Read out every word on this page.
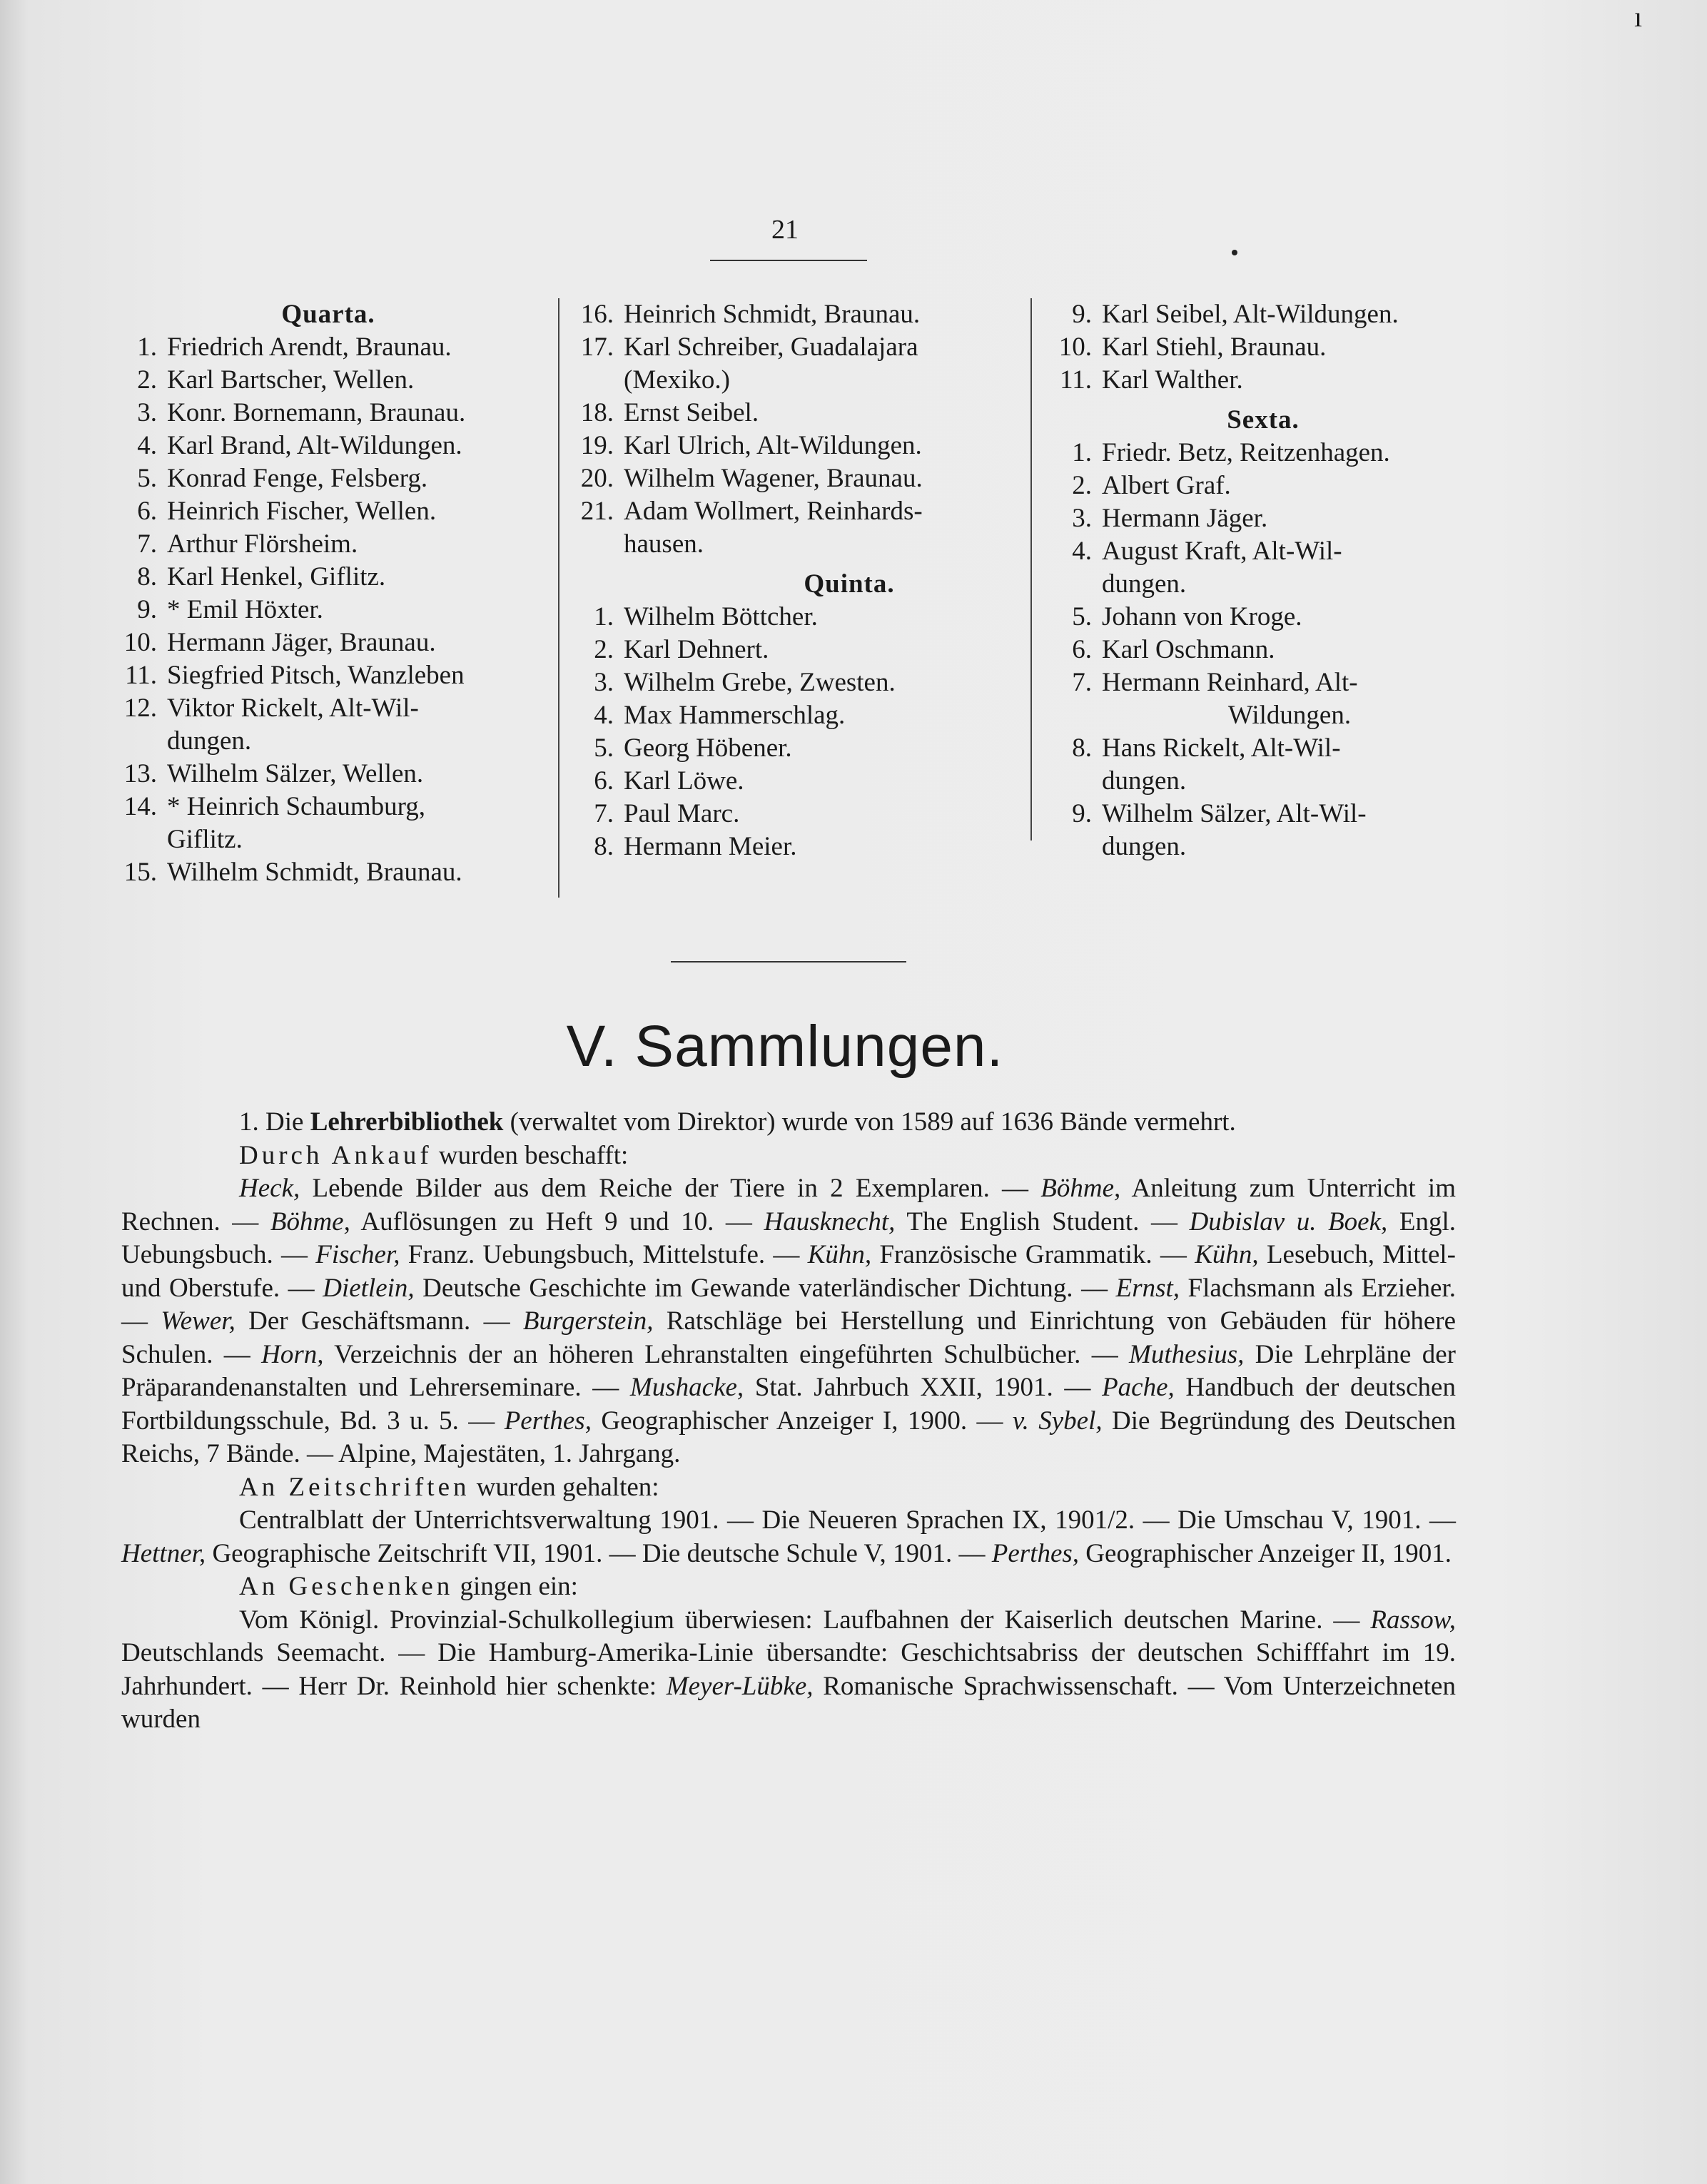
ı
21
Quarta.
1. Friedrich Arendt, Braunau.
2. Karl Bartscher, Wellen.
3. Konr. Bornemann, Braunau.
4. Karl Brand, Alt-Wildungen.
5. Konrad Fenge, Felsberg.
6. Heinrich Fischer, Wellen.
7. Arthur Flörsheim.
8. Karl Henkel, Giflitz.
9. * Emil Höxter.
10. Hermann Jäger, Braunau.
11. Siegfried Pitsch, Wanzleben
12. Viktor Rickelt, Alt-Wil-
dungen.
13. Wilhelm Sälzer, Wellen.
14. * Heinrich Schaumburg,
Giflitz.
15. Wilhelm Schmidt, Braunau.
16. Heinrich Schmidt, Braunau.
17. Karl Schreiber, Guadalajara
(Mexiko.)
18. Ernst Seibel.
19. Karl Ulrich, Alt-Wildungen.
20. Wilhelm Wagener, Braunau.
21. Adam Wollmert, Reinhards-
hausen.
Quinta.
1. Wilhelm Böttcher.
2. Karl Dehnert.
3. Wilhelm Grebe, Zwesten.
4. Max Hammerschlag.
5. Georg Höbener.
6. Karl Löwe.
7. Paul Marc.
8. Hermann Meier.
9. Karl Seibel, Alt-Wildungen.
10. Karl Stiehl, Braunau.
11. Karl Walther.
Sexta.
1. Friedr. Betz, Reitzenhagen.
2. Albert Graf.
3. Hermann Jäger.
4. August Kraft, Alt-Wil-
dungen.
5. Johann von Kroge.
6. Karl Oschmann.
7. Hermann Reinhard, Alt-
Wildungen.
8. Hans Rickelt, Alt-Wil-
dungen.
9. Wilhelm Sälzer, Alt-Wil-
dungen.
V. Sammlungen.

1. Die Lehrerbibliothek (verwaltet vom Direktor) wurde von 1589 auf 1636 Bände vermehrt.

Durch Ankauf wurden beschafft:

Heck, Lebende Bilder aus dem Reiche der Tiere in 2 Exemplaren. — Böhme, Anleitung zum Unterricht im Rechnen. — Böhme, Auflösungen zu Heft 9 und 10. — Hausknecht, The English Student. — Dubislav u. Boek, Engl. Uebungsbuch. — Fischer, Franz. Uebungsbuch, Mittelstufe. — Kühn, Französische Grammatik. — Kühn, Lesebuch, Mittel- und Oberstufe. — Dietlein, Deutsche Geschichte im Gewande vaterländischer Dichtung. — Ernst, Flachsmann als Erzieher. — Wewer, Der Geschäftsmann. — Burgerstein, Ratschläge bei Herstellung und Einrichtung von Gebäuden für höhere Schulen. — Horn, Verzeichnis der an höheren Lehranstalten eingeführten Schulbücher. — Muthesius, Die Lehrpläne der Präparandenanstalten und Lehrerseminare. — Mushacke, Stat. Jahrbuch XXII, 1901. — Pache, Handbuch der deutschen Fortbildungsschule, Bd. 3 u. 5. — Perthes, Geographischer Anzeiger I, 1900. — v. Sybel, Die Begründung des Deutschen Reichs, 7 Bände. — Alpine, Majestäten, 1. Jahrgang.

An Zeitschriften wurden gehalten:

Centralblatt der Unterrichtsverwaltung 1901. — Die Neueren Sprachen IX, 1901/2. — Die Umschau V, 1901. — Hettner, Geographische Zeitschrift VII, 1901. — Die deutsche Schule V, 1901. — Perthes, Geographischer Anzeiger II, 1901.

An Geschenken gingen ein:

Vom Königl. Provinzial-Schulkollegium überwiesen: Laufbahnen der Kaiserlich deutschen Marine. — Rassow, Deutschlands Seemacht. — Die Hamburg-Amerika-Linie übersandte: Geschichtsabriss der deutschen Schifffahrt im 19. Jahrhundert. — Herr Dr. Reinhold hier schenkte: Meyer-Lübke, Romanische Sprachwissenschaft. — Vom Unterzeichneten wurden
